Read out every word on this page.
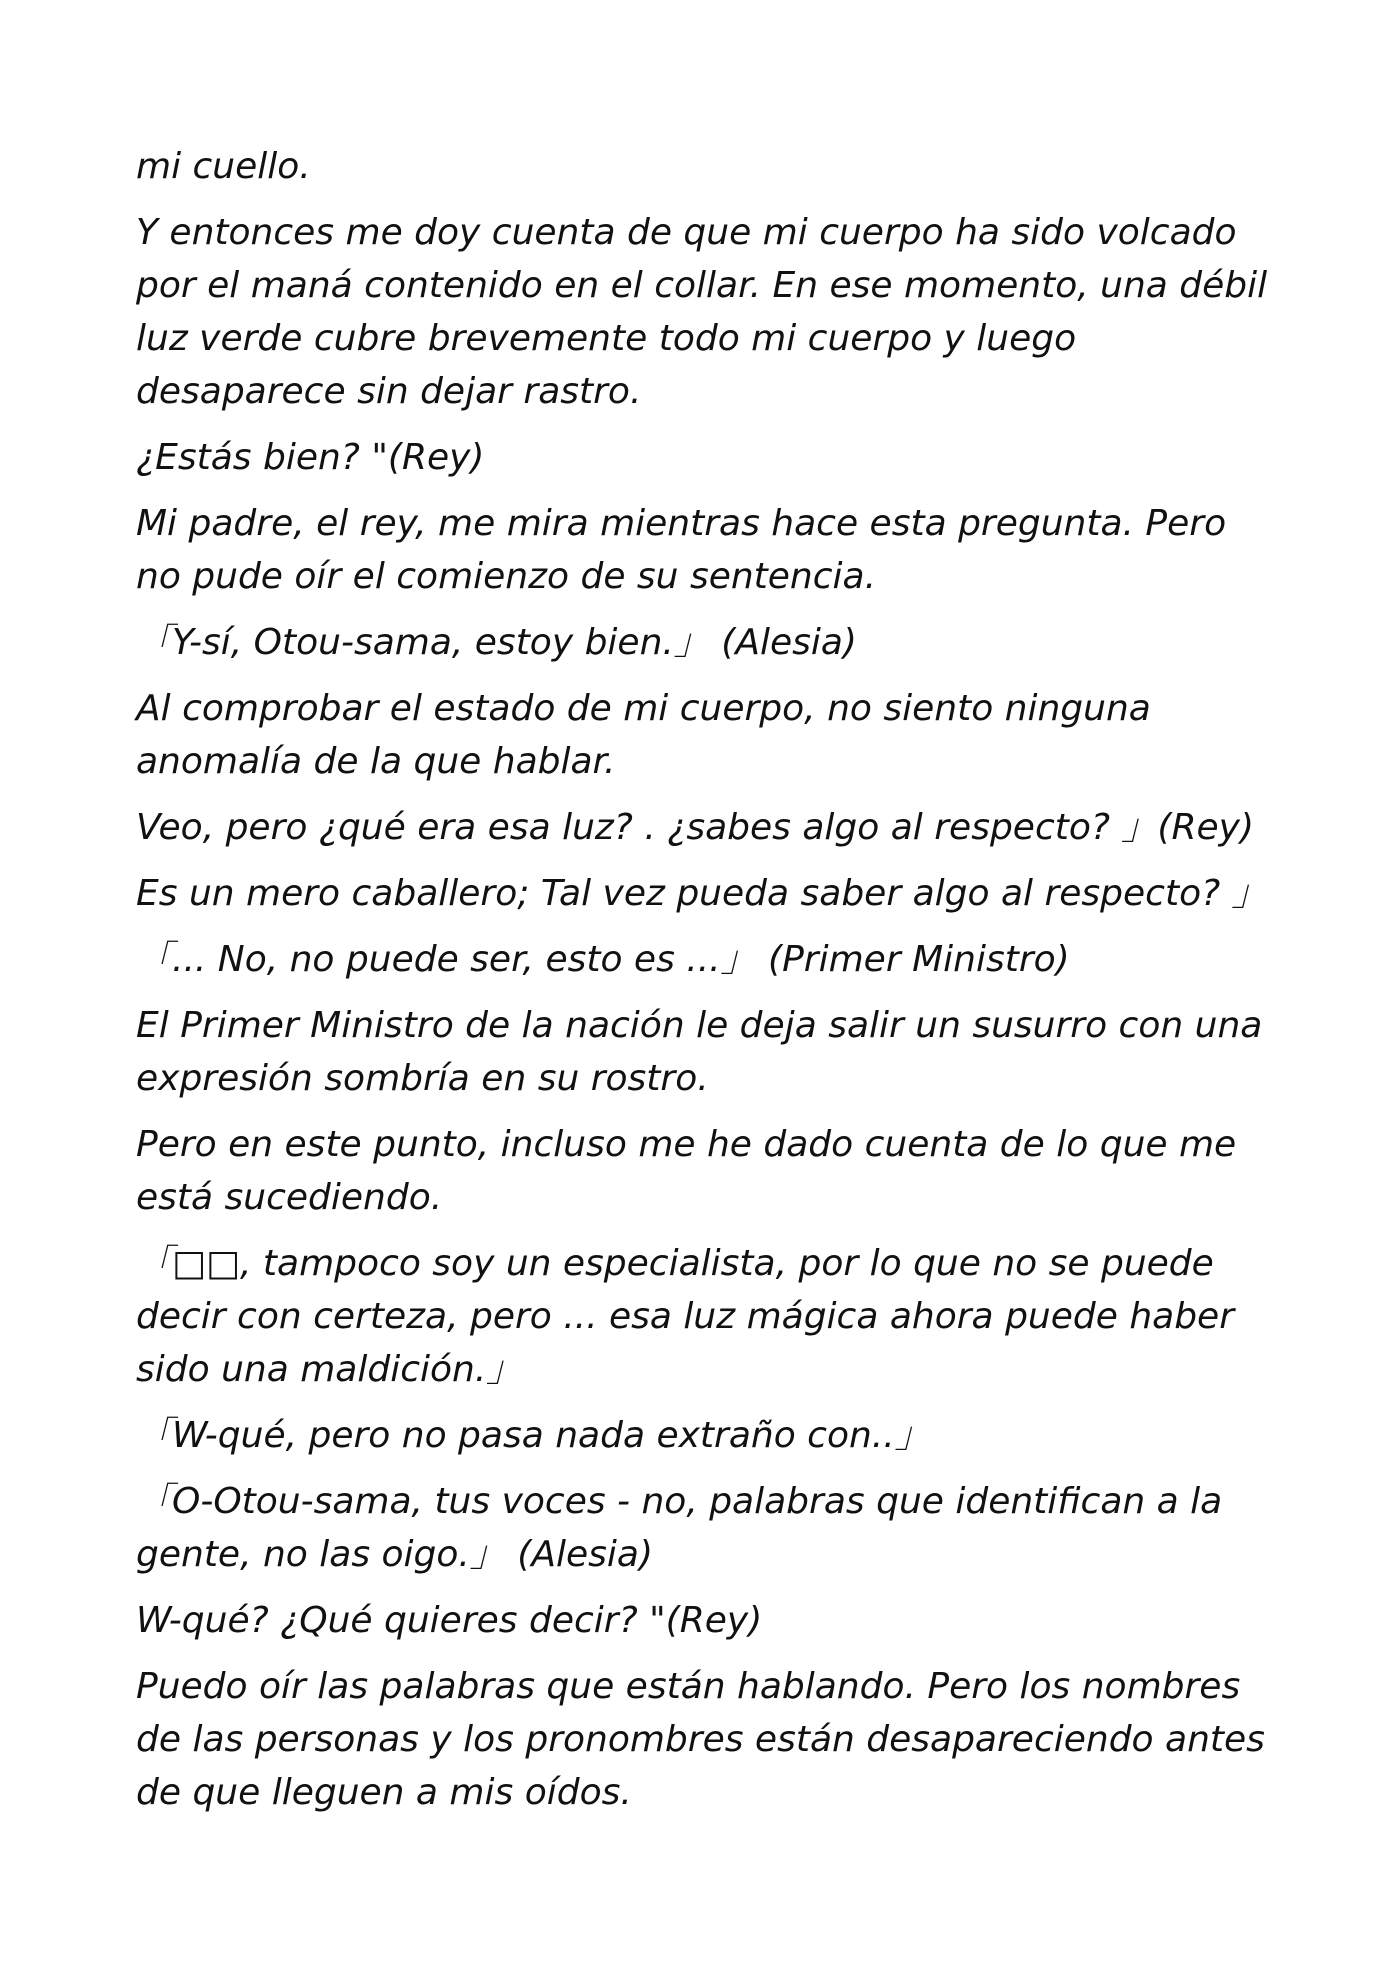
mi cuello.

Y entonces me doy cuenta de que mi cuerpo ha sido volcado por el maná contenido en el collar. En ese momento, una débil luz verde cubre brevemente todo mi cuerpo y luego desaparece sin dejar rastro.

¿Estás bien? "(Rey)

Mi padre, el rey, me mira mientras hace esta pregunta. Pero no pude oír el comienzo de su sentencia.

「Y-sí, Otou-sama, estoy bien.」 (Alesia)

Al comprobar el estado de mi cuerpo, no siento ninguna anomalía de la que hablar.

Veo, pero ¿qué era esa luz? . ¿sabes algo al respecto? 」(Rey)

Es un mero caballero; Tal vez pueda saber algo al respecto? 」

「... No, no puede ser, esto es ...」 (Primer Ministro)

El Primer Ministro de la nación le deja salir un susurro con una expresión sombría en su rostro.

Pero en este punto, incluso me he dado cuenta de lo que me está sucediendo.

「□□, tampoco soy un especialista, por lo que no se puede decir con certeza, pero ... esa luz mágica ahora puede haber sido una maldición.」

「W-qué, pero no pasa nada extraño con..」

「O-Otou-sama, tus voces - no, palabras que identifican a la gente, no las oigo.」 (Alesia)

W-qué? ¿Qué quieres decir? "(Rey)

Puedo oír las palabras que están hablando. Pero los nombres de las personas y los pronombres están desapareciendo antes de que lleguen a mis oídos.
